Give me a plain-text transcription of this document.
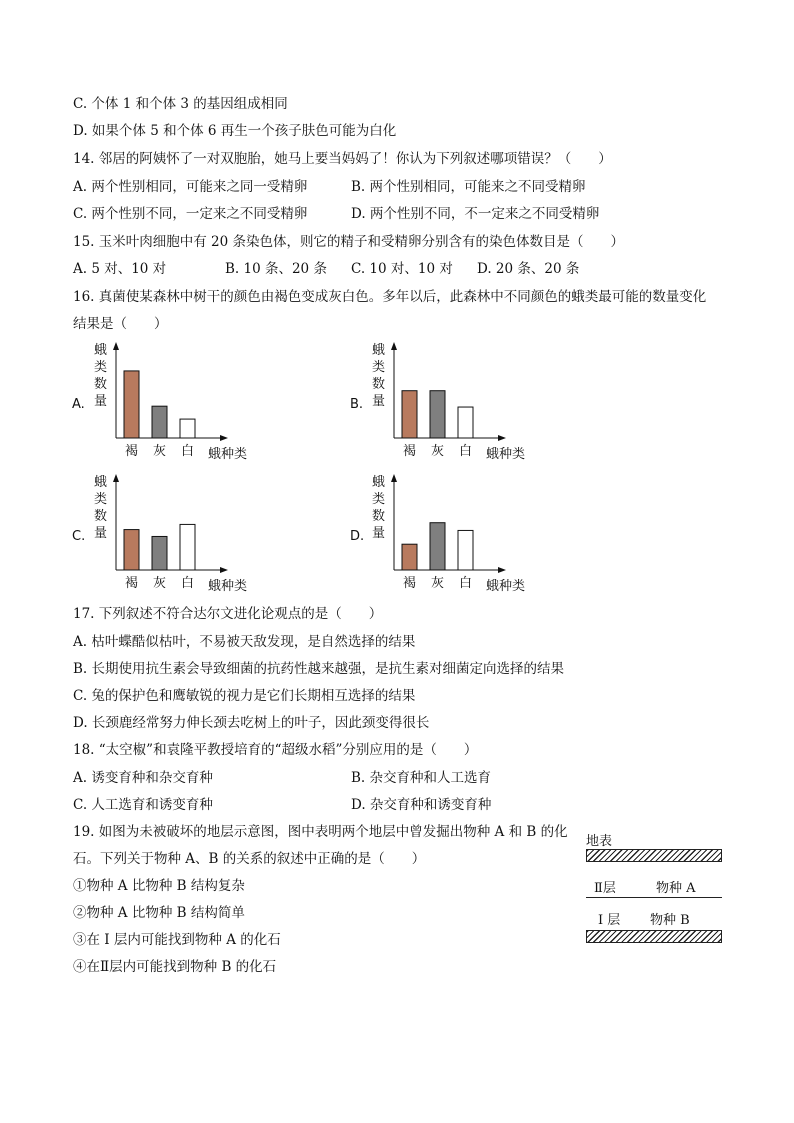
C. 个体 1 和个体 3 的基因组成相同
D. 如果个体 5 和个体 6 再生一个孩子肤色可能为白化
14. 邻居的阿姨怀了一对双胞胎，她马上要当妈妈了！你认为下列叙述哪项错误？（　　）
A. 两个性别相同，可能来之同一受精卵	B. 两个性别相同，可能来之不同受精卵
C. 两个性别不同，一定来之不同受精卵	D. 两个性别不同，不一定来之不同受精卵
15. 玉米叶肉细胞中有 20 条染色体，则它的精子和受精卵分别含有的染色体数目是（　　）
A. 5 对、10 对	B. 10 条、20 条 C. 10 对、10 对 D. 20 条、20 条
16. 真菌使某森林中树干的颜色由褐色变成灰白色。多年以后，此森林中不同颜色的蛾类最可能的数量变化
结果是（　　）
A.
蛾
类
数
量
褐 灰 白 蛾种类
B.
蛾
类
数
量
褐 灰 白 蛾种类
C.
蛾
类
数
量
褐 灰 白 蛾种类
D.
蛾
类
数
量
褐 灰 白 蛾种类
17. 下列叙述不符合达尔文进化论观点的是（　　）
A. 枯叶蝶酷似枯叶，不易被天敌发现，是自然选择的结果
B. 长期使用抗生素会导致细菌的抗药性越来越强，是抗生素对细菌定向选择的结果
C. 兔的保护色和鹰敏锐的视力是它们长期相互选择的结果
D. 长颈鹿经常努力伸长颈去吃树上的叶子，因此颈变得很长
18. “太空椒”和袁隆平教授培育的“超级水稻”分别应用的是（　　）
A. 诱变育种和杂交育种	B. 杂交育种和人工选育
C. 人工选育和诱变育种	D. 杂交育种和诱变育种
19. 如图为未被破坏的地层示意图，图中表明两个地层中曾发掘出物种 A 和 B 的化
石。下列关于物种 A、B 的关系的叙述中正确的是（　　）
①物种 A 比物种 B 结构复杂
②物种 A 比物种 B 结构简单
③在 I 层内可能找到物种 A 的化石
④在Ⅱ层内可能找到物种 B 的化石
地表
Ⅱ层	物种 A
I 层 物种 B
